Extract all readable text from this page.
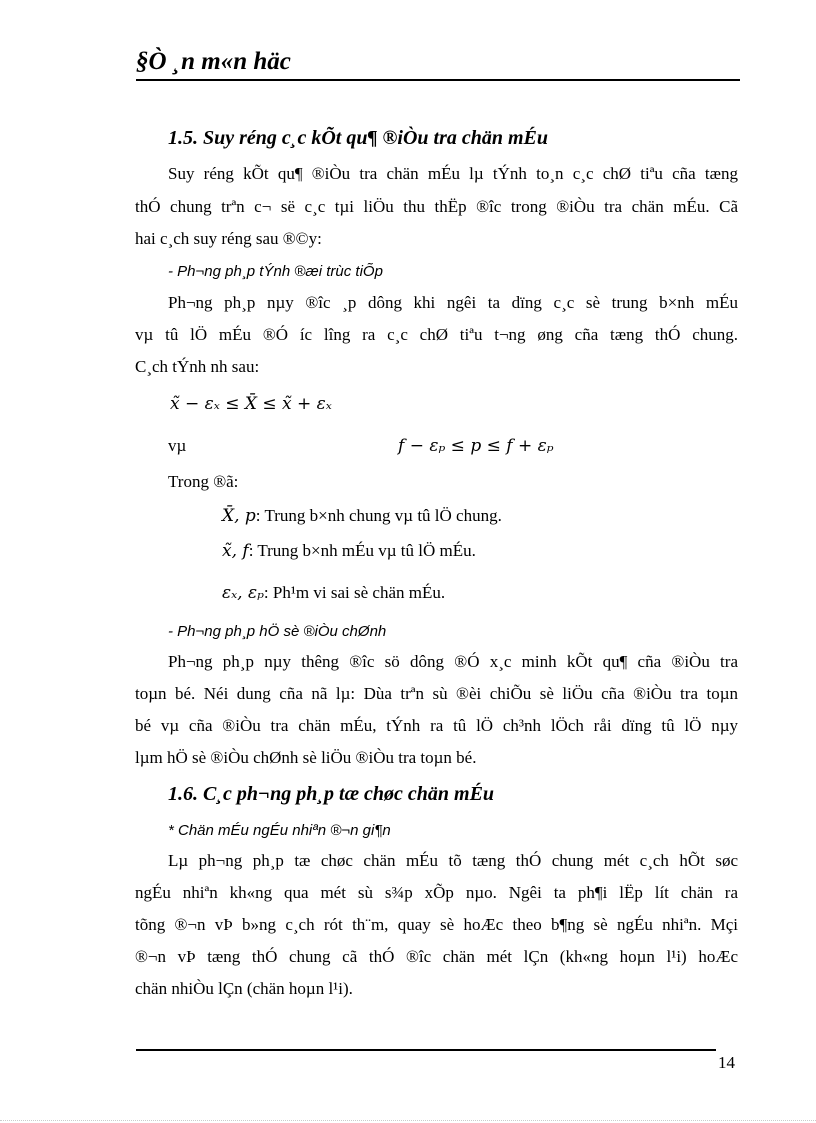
§Ò ¸n m«n häc
1.5. Suy réng c¸c kÕt qu¶ ®iÒu tra chän mÉu
Suy réng kÕt qu¶ ®iÒu tra chän mÉu lµ tÝnh to¸n c¸c chØ tiªu cña tæng
thÓ chung trªn c¬ së c¸c tµi liÖu thu thËp ®îc trong ®iÒu tra chän mÉu. Cã
hai c¸ch suy réng sau ®©y:
- Ph¬ng ph¸p tÝnh ®æi trùc tiÕp
Ph¬ng ph¸p nµy ®îc ¸p dông khi ngêi ta dïng c¸c sè trung b×nh mÉu
vµ tû lÖ mÉu ®Ó íc lîng ra c¸c chØ tiªu t¬ng øng cña tæng thÓ chung.
C¸ch tÝnh nh sau:
x̃ − εₓ ≤ X̄ ≤ x̃ + εₓ
vµ	f − εₚ ≤ p ≤ f + εₚ
Trong ®ã:
X̄, p: Trung b×nh chung vµ tû lÖ chung.
x̃, f: Trung b×nh mÉu vµ tû lÖ mÉu.
εₓ, εₚ: Ph¹m vi sai sè chän mÉu.
- Ph¬ng ph¸p hÖ sè ®iÒu chØnh
Ph¬ng ph¸p nµy thêng ®îc sö dông ®Ó x¸c minh kÕt qu¶ cña ®iÒu tra
toµn bé. Néi dung cña nã lµ: Dùa trªn sù ®èi chiÕu sè liÖu cña ®iÒu tra toµn
bé vµ cña ®iÒu tra chän mÉu, tÝnh ra tû lÖ ch³nh lÖch råi dïng tû lÖ nµy
lµm hÖ sè ®iÒu chØnh sè liÖu ®iÒu tra toµn bé.
1.6. C¸c ph¬ng ph¸p tæ chøc chän mÉu
* Chän mÉu ngÉu nhiªn ®¬n gi¶n
Lµ ph¬ng ph¸p tæ chøc chän mÉu tõ tæng thÓ chung mét c¸ch hÕt søc
ngÉu nhiªn kh«ng qua mét sù s¾p xÕp nµo. Ngêi ta ph¶i lËp lít chän ra
tõng ®¬n vÞ b»ng c¸ch rót th¨m, quay sè hoÆc theo b¶ng sè ngÉu nhiªn. Mçi
®¬n vÞ tæng thÓ chung cã thÓ ®îc chän mét lÇn (kh«ng hoµn l¹i) hoÆc
chän nhiÒu lÇn (chän hoµn l¹i).
14
